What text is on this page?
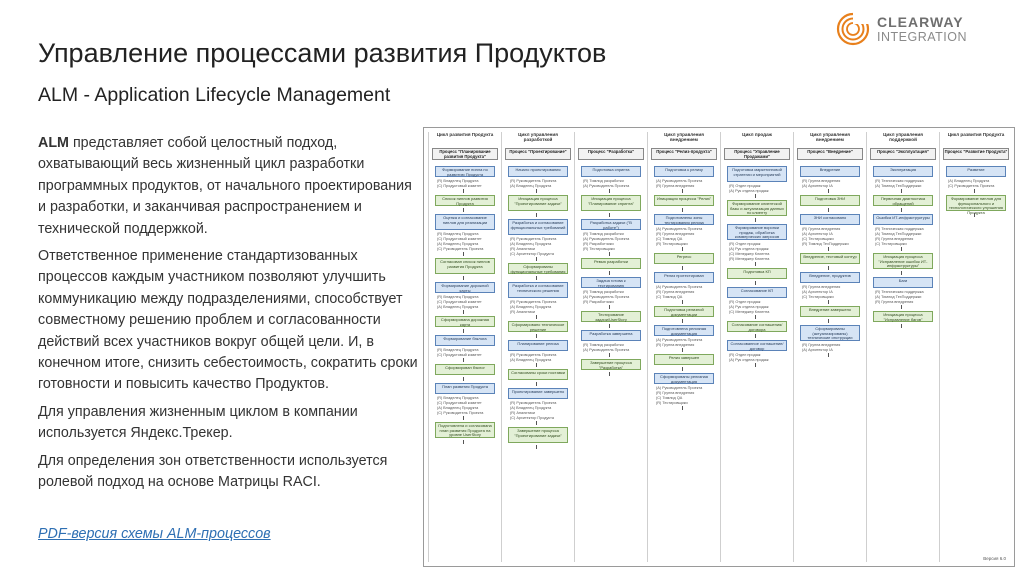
Управление процессами развития Продуктов
ALM - Application Lifecycle Management
CLEARWAY
INTEGRATION

ALM представляет собой целостный подход, охватывающий весь жизненный цикл разработки программных продуктов, от начального проектирования и разработки, и заканчивая распространением и технической поддержкой.

Ответственное применение стандартизованных процессов каждым участником позволяют улучшить коммуникацию между подразделениями, способствует совместному решению проблем и согласованности действий всех участников вокруг общей цели. И, в конечном итоге, снизить себестоимость, сократить сроки готовности и повысить качество Продуктов.

Для управления жизненным циклом в компании используется Яндекс.Трекер.

Для определения зон ответственности используется ролевой подход на основе Матрицы RACI.

PDF-версия схемы ALM-процессов
Версия 6.0
Цикл развития Продукта
Процесс "Планирование развития Продукта"
Формирование пипла по развитию Продукта
(R) Владелец Продукта
(C) Продуктовый комитет
Список пиплов развития Продукта
Оценка и согласование пиплов для реализации
(R) Владелец Продукта
(C) Продуктовый комитет
(A) Владелец Продукта
(C) Руководитель Проекта
Согласован список пиплов развития Продукта
Формирование дорожной карты
(R) Владелец Продукта
(C) Продуктовый комитет
(A) Владелец Продукта
Сформирована дорожная карта
Формирование бэклога
(R) Владелец Продукта
(C) Продуктовый комитет
Сформирован бэклог
План развития Продукта
(R) Владелец Продукта
(C) Продуктовый комитет
(A) Владелец Продукта
(C) Руководитель Проекта
Подготовлена и согласована план развития Продукта на уровне UserStory
Цикл управления разработкой
Процесс "Проектирование"
Начало проектирования
(R) Руководитель Проекта
(A) Владелец Продукта
Инициация процесса "Проектирование задачи"
Разработка и согласование функциональных требований
(R) Руководитель Проекта
(A) Владелец Продукта
(R) Аналитики
(C) Архитектор Продукта
Сформированы функциональные требования
Разработка и согласование технического решения
(R) Руководитель Проекта
(A) Владелец Продукта
(R) Аналитики
Сформировано техническое решение
Планирование релиза
(R) Руководитель Проекта
(A) Владелец Продукта
Согласованы сроки поставки
Проектирование завершено
(R) Руководитель Проекта
(A) Владелец Продукта
(R) Аналитики
(C) Архитектор Продукта
Завершение процесса "Проектирование задачи"
Процесс "Разработка"
Подготовка спринта
(R) Тимлид разработки
(A) Руководитель Проекта
Инициация процесса "Планирование спринта"
Разработка задачи ("В работе")
(R) Тимлид разработки
(A) Руководитель Проекта
(R) Разработчики
(R) Тестировщики
Ревью разработки
Задача готова к тестированию
(R) Тимлид разработки
(A) Руководитель Проекта
(R) Разработчики
Тестирование задачи/UserStory
Разработка завершена
(R) Тимлид разработки
(A) Руководитель Проекта
Завершение процесса "Разработка"
Цикл управления внедрением
Процесс "Релиз-продукта"
Подготовка к релизу
(A) Руководитель Проекта
(R) Группа внедрения
Инициация процесса "Релиз"
Подготовлены зоны тестирования релиза
(A) Руководитель Проекта
(R) Группа внедрения
(C) Тимлид QA
(R) Тестировщики
Регресс
Релиз протестирован
(A) Руководитель Проекта
(R) Группа внедрения
(C) Тимлид QA
Подготовка релизной документации
Подготовлена релизная документация
(A) Руководитель Проекта
(R) Группа внедрения
Релиз завершен
Сформированы релизная документация
(A) Руководитель Проекта
(R) Группа внедрения
(C) Тимлид QA
(R) Тестировщики
Цикл продаж
Процесс "Управление Продажами"
Подготовка маркетинговой стратегии и мероприятий
(R) Отдел продаж
(A) Рук отдела продаж
Формирование клиентской базы и актуализация данных по клиенту
Формирование воронки продаж, обработка коммерческих запросов
(R) Отдел продаж
(A) Рук отдела продаж
(C) Менеджер Клиента
(R) Менеджер Клиента
Подготовка КП
Согласование КП
(R) Отдел продаж
(A) Рук отдела продаж
(C) Менеджер Клиента
Согласование соглашения/договора
Согласованное соглашение/договор
(R) Отдел продаж
(A) Рук отдела продаж
Цикл управления внедрением
Процесс "Внедрение"
Внедрение
(R) Группа внедрения
(A) Архитектор IA
Подготовка ЗНИ
ЗНИ согласовано
(R) Группа внедрения
(A) Архитектор IA
(C) Тестировщики
(R) Тимлид ТехПоддержки
Внедрение, тестовый контур
Внедрение, продуктив
(R) Группа внедрения
(A) Архитектор IA
(C) Тестировщики
Внедрение завершено
Сформированы (актуализированы) технические инструкции
(R) Группа внедрения
(A) Архитектор IA
Цикл управления поддержкой
Процесс "Эксплуатация"
Эксплуатация
(R) Техническая поддержка
(A) Тимлид ТехПоддержки
Первичная диагностика обращений
Ошибка ИТ-инфраструктуры
(R) Техническая поддержка
(A) Тимлид ТехПоддержки
(R) Группа внедрения
(C) Тестировщики
Инициация процесса "Исправление ошибок ИТ-инфраструктуры"
Баги
(R) Техническая поддержка
(A) Тимлид ТехПоддержки
(R) Группа внедрения
Инициация процесса "Исправление багов"
Цикл развития Продукта
Процесс "Развитие Продукта"
Развитие
(A) Владелец Продукта
(C) Руководитель Проекта
Формирование пиплов для функционального и технологического улучшения Продукта
